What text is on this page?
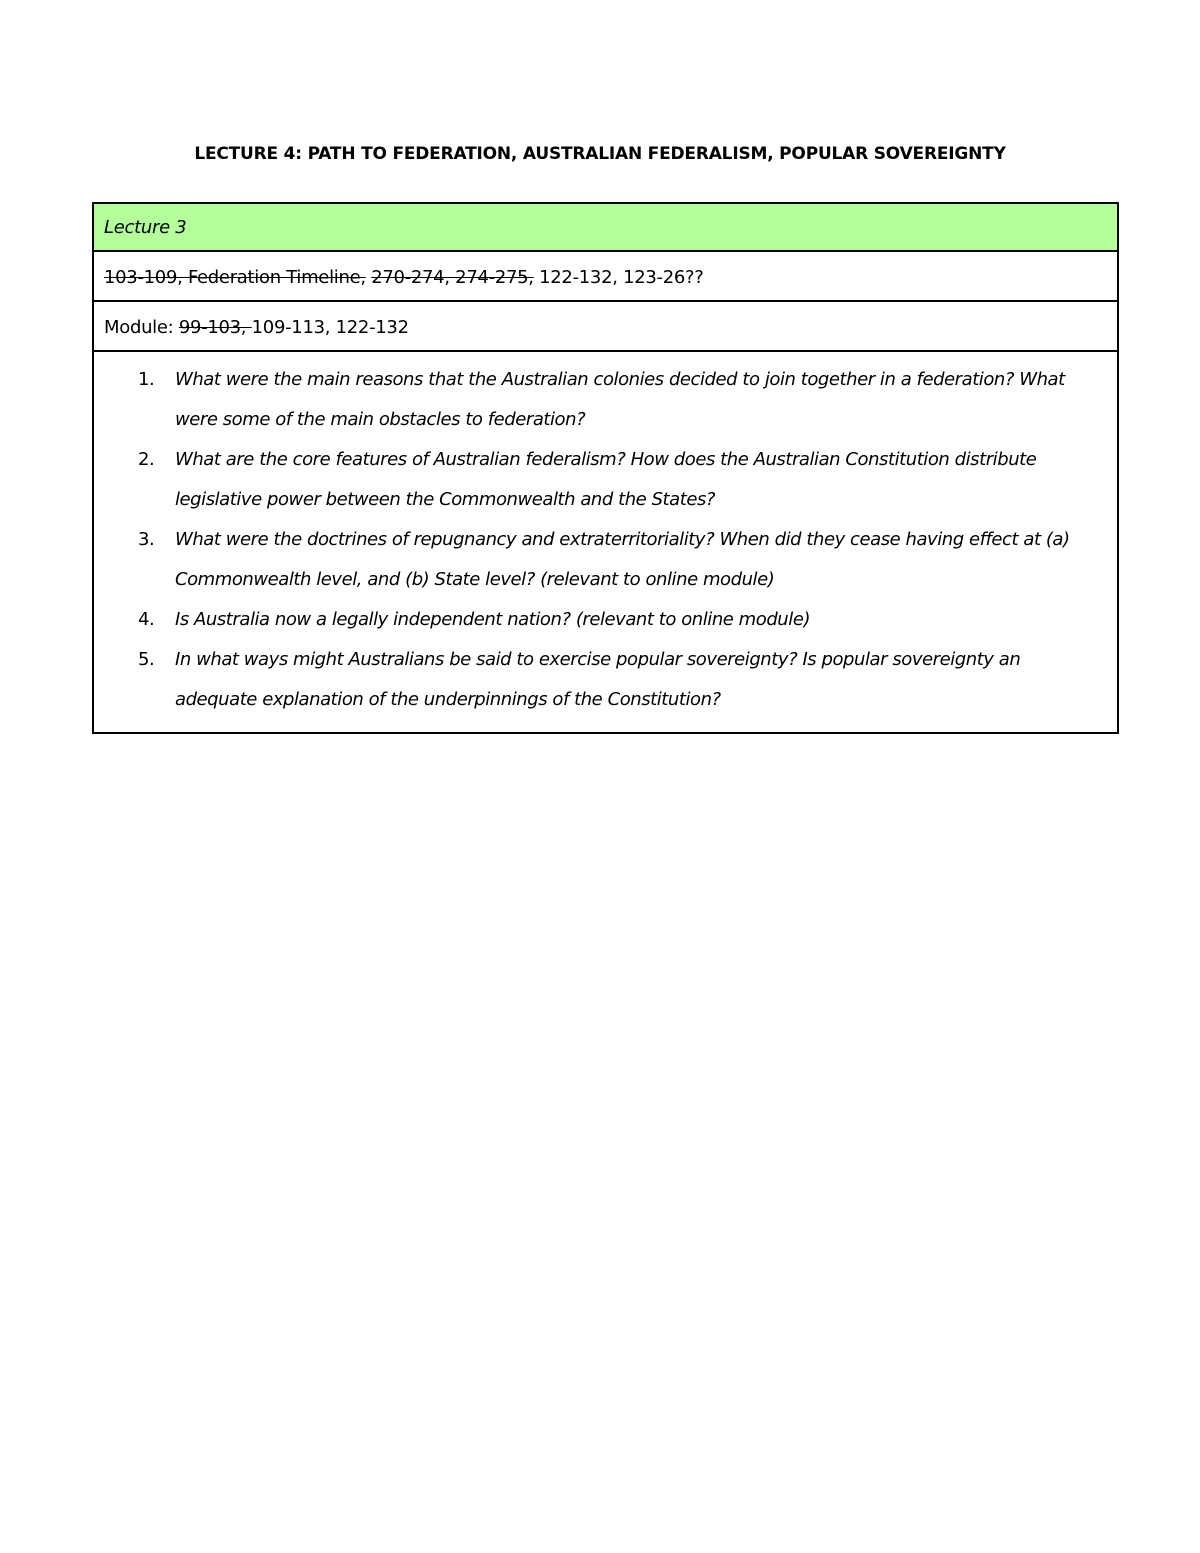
LECTURE 4: PATH TO FEDERATION, AUSTRALIAN FEDERALISM, POPULAR SOVEREIGNTY
Lecture 3
103-109, Federation Timeline, 270-274, 274-275, 122-132, 123-26??
Module: 99-103, 109-113, 122-132
1. What were the main reasons that the Australian colonies decided to join together in a federation? What were some of the main obstacles to federation?
2. What are the core features of Australian federalism? How does the Australian Constitution distribute legislative power between the Commonwealth and the States?
3. What were the doctrines of repugnancy and extraterritoriality? When did they cease having effect at (a) Commonwealth level, and (b) State level? (relevant to online module)
4. Is Australia now a legally independent nation? (relevant to online module)
5. In what ways might Australians be said to exercise popular sovereignty? Is popular sovereignty an adequate explanation of the underpinnings of the Constitution?
